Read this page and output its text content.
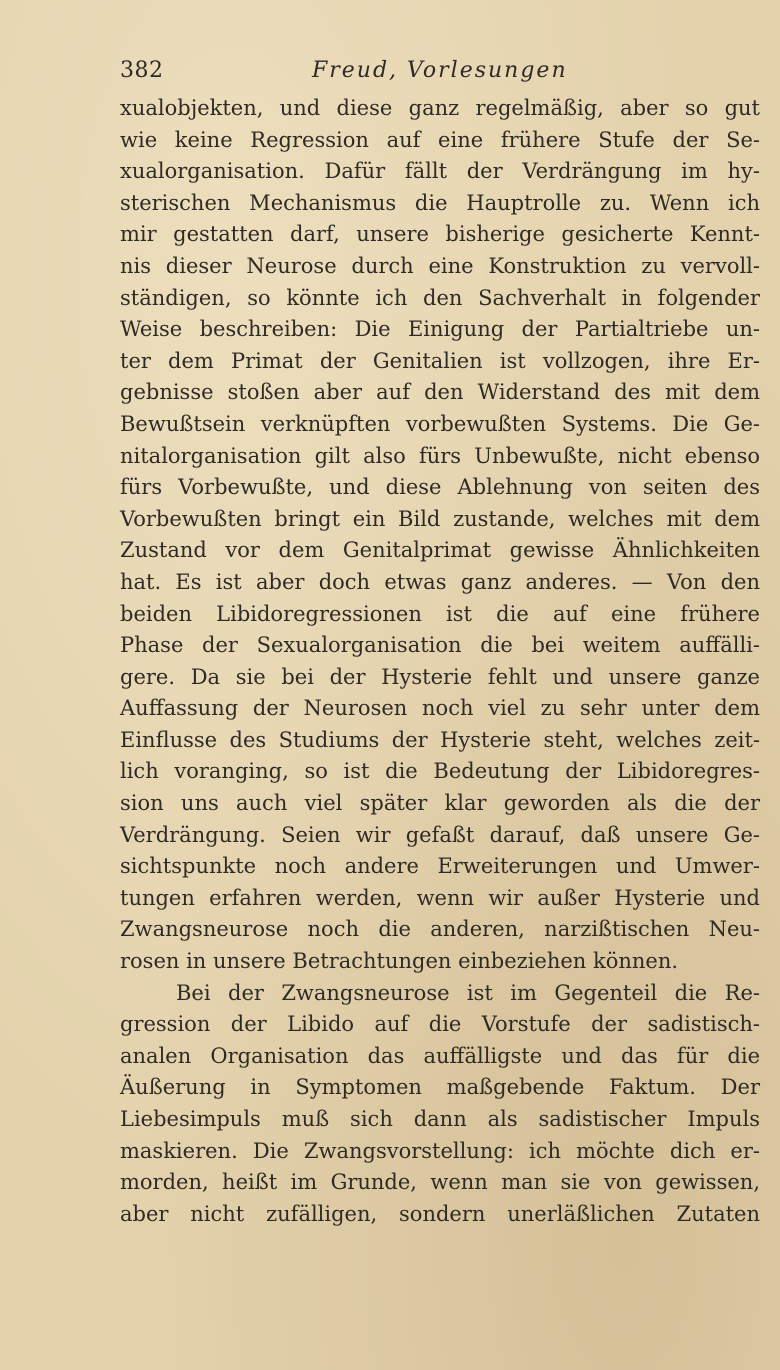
382	Freud, Vorlesungen
xualobjekten, und diese ganz regelmäßig, aber so gut
wie keine Regression auf eine frühere Stufe der Se-
xualorganisation. Dafür fällt der Verdrängung im hy-
sterischen Mechanismus die Hauptrolle zu. Wenn ich
mir gestatten darf, unsere bisherige gesicherte Kennt-
nis dieser Neurose durch eine Konstruktion zu vervoll-
ständigen, so könnte ich den Sachverhalt in folgender
Weise beschreiben: Die Einigung der Partialtriebe un-
ter dem Primat der Genitalien ist vollzogen, ihre Er-
gebnisse stoßen aber auf den Widerstand des mit dem
Bewußtsein verknüpften vorbewußten Systems. Die Ge-
nitalorganisation gilt also fürs Unbewußte, nicht ebenso
fürs Vorbewußte, und diese Ablehnung von seiten des
Vorbewußten bringt ein Bild zustande, welches mit dem
Zustand vor dem Genitalprimat gewisse Ähnlichkeiten
hat. Es ist aber doch etwas ganz anderes. — Von den
beiden Libidoregressionen ist die auf eine frühere
Phase der Sexualorganisation die bei weitem auffälli-
gere. Da sie bei der Hysterie fehlt und unsere ganze
Auffassung der Neurosen noch viel zu sehr unter dem
Einflusse des Studiums der Hysterie steht, welches zeit-
lich voranging, so ist die Bedeutung der Libidoregres-
sion uns auch viel später klar geworden als die der
Verdrängung. Seien wir gefaßt darauf, daß unsere Ge-
sichtspunkte noch andere Erweiterungen und Umwer-
tungen erfahren werden, wenn wir außer Hysterie und
Zwangsneurose noch die anderen, narzißtischen Neu-
rosen in unsere Betrachtungen einbeziehen können.
Bei der Zwangsneurose ist im Gegenteil die Re-
gression der Libido auf die Vorstufe der sadistisch-
analen Organisation das auffälligste und das für die
Äußerung in Symptomen maßgebende Faktum. Der
Liebesimpuls muß sich dann als sadistischer Impuls
maskieren. Die Zwangsvorstellung: ich möchte dich er-
morden, heißt im Grunde, wenn man sie von gewissen,
aber nicht zufälligen, sondern unerläßlichen Zutaten
